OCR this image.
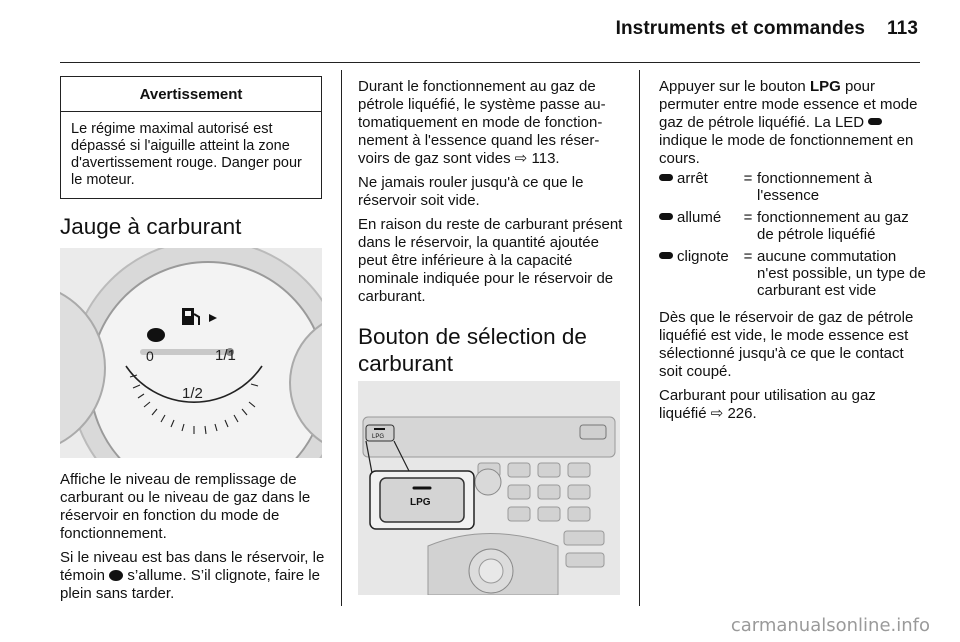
Instruments et commandes 113
Avertissement
Le régime maximal autorisé est dépassé si l'aiguille atteint la zone d'avertissement rouge. Danger pour le moteur.
Jauge à carburant
0	1/1
1/2

Affiche le niveau de remplissage de carburant ou le niveau de gaz dans le réservoir en fonction du mode de fonctionnement.

Si le niveau est bas dans le réservoir, le témoin  s’allume. S’il clignote, faire le plein sans tarder.

Durant le fonctionnement au gaz de
pétrole liquéfié, le système passe au-
tomatiquement en mode de fonction-
nement à l'essence quand les réser-
voirs de gaz sont vides ⇨ 113.

Ne jamais rouler jusqu'à ce que le réservoir soit vide.

En raison du reste de carburant présent dans le réservoir, la quantité ajoutée peut être inférieure à la capacité nominale indiquée pour le réservoir de carburant.

Bouton de sélection de
carburant
LPG
LPG

Appuyer sur le bouton LPG pour permuter entre mode essence et mode gaz de pétrole liquéfié. La LED  indique le mode de fonctionnement en cours.

arrêt	= fonctionnement à l'essence
allumé	= fonctionnement au gaz de pétrole liquéfié
clignote = aucune commutation n'est possible, un type de carburant est vide

Dès que le réservoir de gaz de pétrole liquéfié est vide, le mode essence est sélectionné jusqu'à ce que le contact soit coupé.

Carburant pour utilisation au gaz liquéfié ⇨ 226.

carmanualsonline.info
